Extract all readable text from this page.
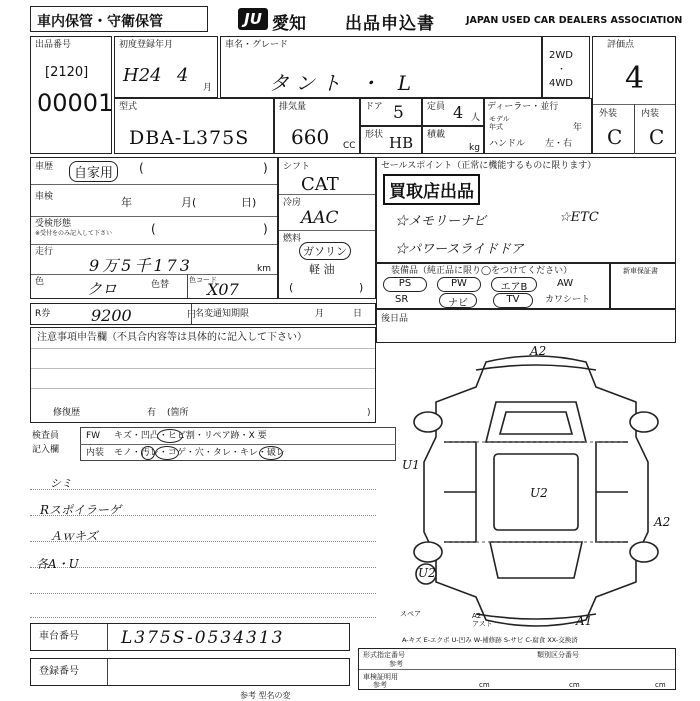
車内保管・守衛保管	JU 愛知 出品申込書	JAPAN USED CAR DEALERS ASSOCIATION
出品番号
[2120]
00001
初度登録年月
H24 4
月
車名・グレード
タント ・ L
2WD
・
4WD
評価点
4
外装	内装
C C
型式
DBA-L375S
排気量
660 CC
ドア 5	定員 4 人
形状 HB 積載
kg
ディーラー・並行
モデル
年式	年
ハンドル 左・右
車歴	自家用	(	)
車検	年	月(	日)
受検形態
※受付をのみ記入して下さい	(	)
走行
9万5千173	km
色	クロ	色替	色コード
X07
シフト
CAT
冷房
AAC
燃料
ガソリン
軽 油
(	)
セールスポイント（正常に機能するものに限ります）
買取店出品
☆メモリーナビ	☆ETC
☆パワースライドドア
装備品（純正品に限り◯をつけてください）
PS	PW	エアB	AW
SR	ナビ	TV	カワシート
新車保証書
R券	9200	円
名変通知期限	月	日 後日品
注意事項申告欄（不具合内容等は具体的に記入して下さい）
修復歴	有 (箇所	)
検査員
記入欄
FW キズ・凹凸・ヒビ割・リペア跡・X 要
内装 モノ・汚レ・コゲ・穴・タレ・キレ・破レ
シミ
Rスポイラーゲ
Ａｗキズ
各A・U
A2
U1
U2
A2
U2
A1
A2
アスト
スペア
A-キズ E-エクボ U-凹み W-補修跡 S-サビ C-腐食 XX-交換済
車台番号 L375S-0534313
登録番号
形式指定番号	類別区分番号
参考
車検証明用
参考	cm	cm	cm
参考 型名の変
